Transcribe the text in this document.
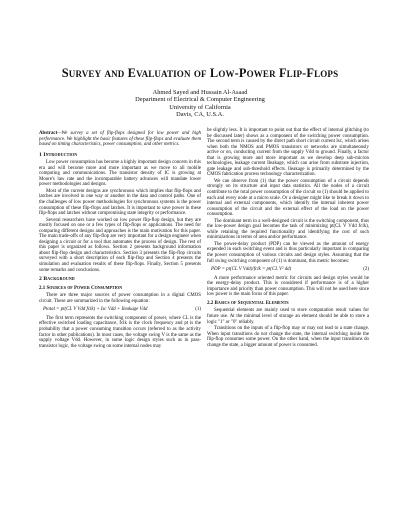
Survey and Evaluation of Low-Power Flip-Flops
Ahmed Sayed and Hussain Al-Asaad
Department of Electrical & Computer Engineering
University of California
Davis, CA, U.S.A.

Abstract—We survey a set of flip-flops designed for low power and high performance. We highlight the basic features of these flip-flops and evaluate them based on timing characteristics, power consumption, and other metrics.

1 Introduction

Low power consumption has become a highly important design concern in this era and will become more and more important as we move to all mobile computing and communications. The transistor density of IC is growing at Moore's law rate and the incomparable battery advances will mandate lower power methodologies and designs.

Most of the current designs are synchronous which implies that flip-flops and latches are involved in one way or another in the data and control paths. One of the challenges of low power methodologies for synchronous systems is the power consumption of these flip-flops and latches. It is important to save power in these flip-flops and latches without compromising state integrity or performance.

Several researchers have worked on low power flip-flop design, but they are mostly focused on one or a few types of flip-flops or applications. The need for comparing different designs and approaches is the main motivation for this paper. The main trade-offs of any flip-flop are very important for a design engineer when designing a circuit or for a tool that automates the process of design. The rest of this paper is organized as follows. Section 2 presents background information about flip-flop design and characteristics. Section 3 presents the flip-flop circuits surveyed with a short description of each flip-flop and Section 4 presents the simulation and evaluation results of these flip-flops. Finally, Section 5 presents some remarks and conclusions.

2 Background
2.1 Sources of Power Consumption

There are three major sources of power consumption in a digital CMOS circuit. These are summarized in the following equation:

Ptotal = pt(CL V Vdd fclk) + Isc Vdd + Ileakage Vdd	(1)

The first term represents the switching component of power, where CL is the effective switched loading capacitance, fclk is the clock frequency and pt is the probability that a power consuming transition occurs (referred to as the activity factor in other publications). In most cases, the voltage swing V is the same as the supply voltage Vdd. However, in some logic design styles such as in pass-transistor logic, the voltage swing on some internal nodes may

be slightly less. It is important to point out that the effect of internal glitching (to be discussed later) shows as a component of the switching power consumption. The second term is caused by the direct path short circuit current Isc, which arises when both the NMOS and PMOS transistors or networks are simultaneously active or on, conducting current from the supply Vdd to ground. Finally, a factor that is growing more and more important as we develop deep sub-micron technologies, leakage current Ileakage, which can arise from substrate injection, gate leakage and sub-threshold effects. Ileakage is primarily determined by the CMOS fabrication process technology characterization.

We can observe from (1) that the power consumption of a circuit depends strongly on its structure and input data statistics. All the nodes of a circuit contribute to the total power consumption of the circuit so (1) should be applied to each and every node at a micro scale. Or a designer might like to break it down to internal and external components, which identify the internal inherent power consumption of the circuit and the external effect of the load on the power consumption.

The dominant term in a well-designed circuit is the switching component, thus the low-power design goal becomes the task of minimizing pt(CL V Vdd fclk), while retaining the required functionality and identifying the cost of such minimizations in terms of area and/or performance.

The power-delay product (PDP) can be viewed as the amount of energy expended in each switching event and is thus particularly important in comparing the power consumption of various circuits and design styles. Assuming that the full swing switching component of (1) is dominant, this metric becomes:

PDP = pt(CL V Vdd)/fclk = pt(CL V² dd)	(2)

A more performance oriented metric for circuits and design styles would be the energy-delay product. This is considered if performance is of a higher importance and priority than power consumption. This will not be used here since low power is the main focus of this paper.

2.2 Basics of Sequential Elements

Sequential elements are mainly used to store computation result values for future use. At the minimal level of storage an element should be able to store a logic "1" or "0" reliably.

Transitions on the inputs of a flip-flop may or may not lead to a state change. When input transitions do not change the state, the internal switching inside the flip-flop consumes some power. On the other hand, when the input transitions do change the state, a bigger amount of power is consumed.
